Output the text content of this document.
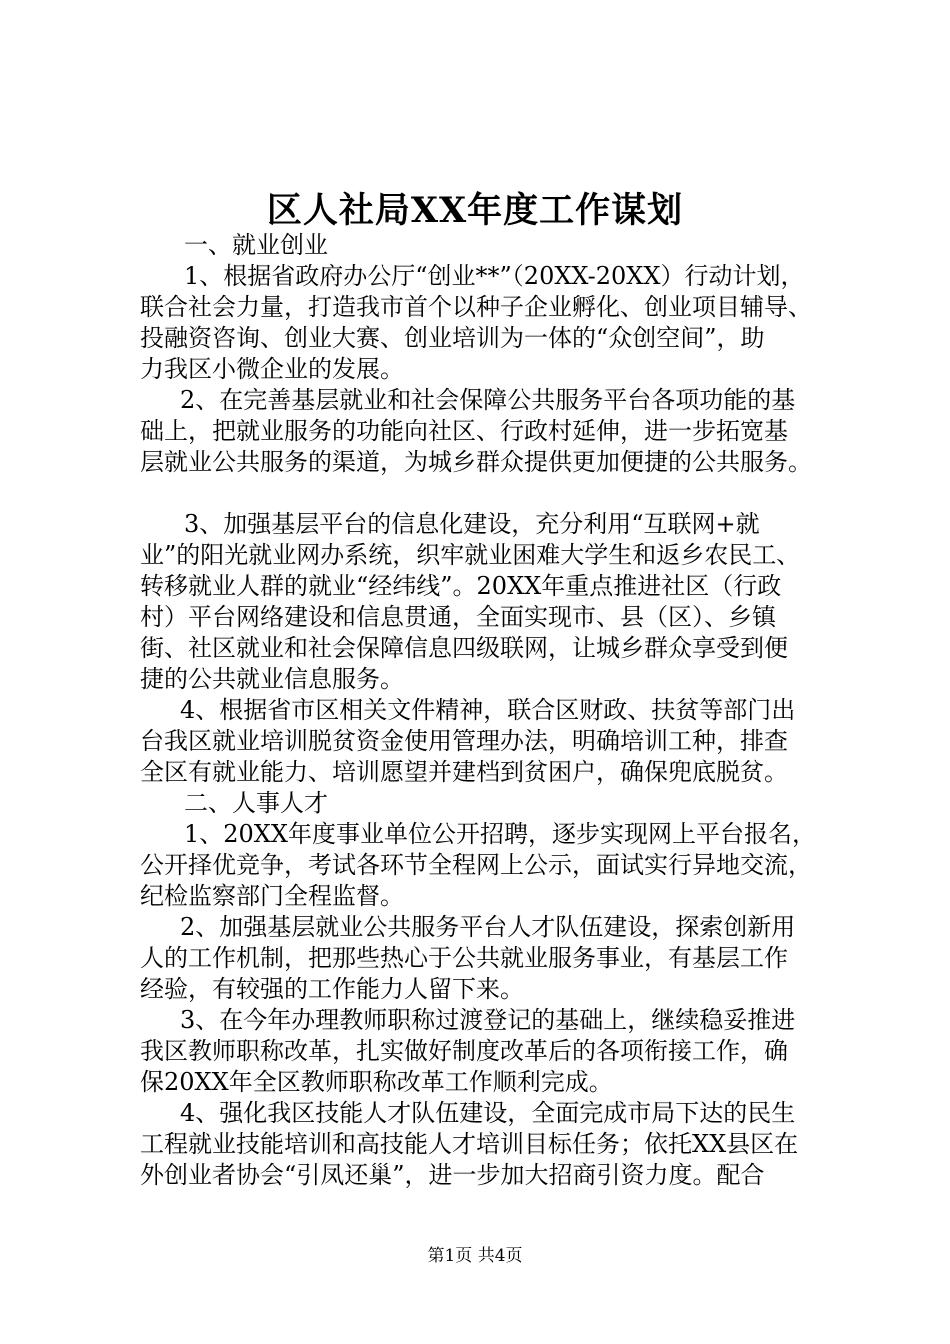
区人社局XX年度工作谋划
一、就业创业
1、根据省政府办公厅“创业**”（20XX-20XX）行动计划，
联合社会力量，打造我市首个以种子企业孵化、创业项目辅导、
投融资咨询、创业大赛、创业培训为一体的“众创空间”，助
力我区小微企业的发展。
2、在完善基层就业和社会保障公共服务平台各项功能的基
础上，把就业服务的功能向社区、行政村延伸，进一步拓宽基
层就业公共服务的渠道，为城乡群众提供更加便捷的公共服务。
3、加强基层平台的信息化建设，充分利用“互联网+就
业”的阳光就业网办系统，织牢就业困难大学生和返乡农民工、
转移就业人群的就业“经纬线”。20XX年重点推进社区（行政
村）平台网络建设和信息贯通，全面实现市、县（区）、乡镇
街、社区就业和社会保障信息四级联网，让城乡群众享受到便
捷的公共就业信息服务。
4、根据省市区相关文件精神，联合区财政、扶贫等部门出
台我区就业培训脱贫资金使用管理办法，明确培训工种，排查
全区有就业能力、培训愿望并建档到贫困户，确保兜底脱贫。
二、人事人才
1、20XX年度事业单位公开招聘，逐步实现网上平台报名，
公开择优竞争，考试各环节全程网上公示，面试实行异地交流，
纪检监察部门全程监督。
2、加强基层就业公共服务平台人才队伍建设，探索创新用
人的工作机制，把那些热心于公共就业服务事业，有基层工作
经验，有较强的工作能力人留下来。
3、在今年办理教师职称过渡登记的基础上，继续稳妥推进
我区教师职称改革，扎实做好制度改革后的各项衔接工作，确
保20XX年全区教师职称改革工作顺利完成。
4、强化我区技能人才队伍建设，全面完成市局下达的民生
工程就业技能培训和高技能人才培训目标任务；依托XX县区在
外创业者协会“引凤还巢”，进一步加大招商引资力度。配合
第1页 共4页
